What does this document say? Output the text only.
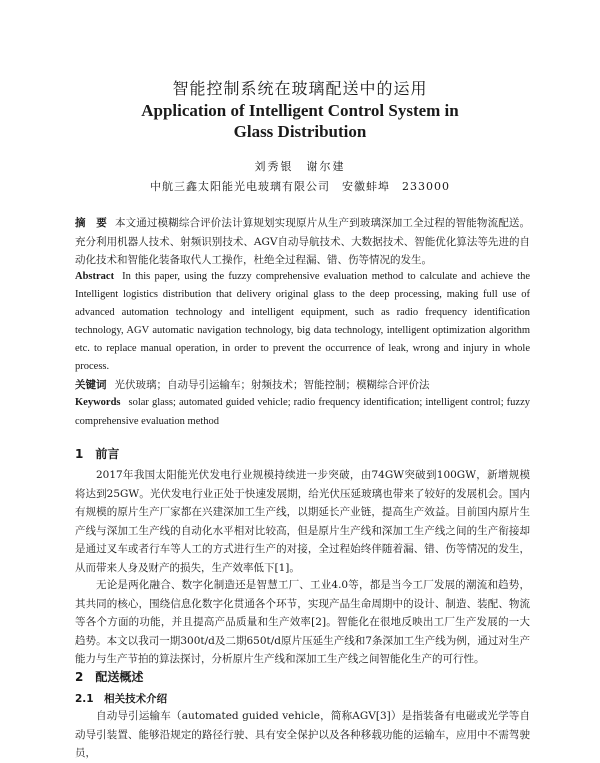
智能控制系统在玻璃配送中的运用
Application of Intelligent Control System in
Glass Distribution
刘秀银　谢尔建
中航三鑫太阳能光电玻璃有限公司　安徽蚌埠　233000
摘　要 本文通过模糊综合评价法计算规划实现原片从生产到玻璃深加工全过程的智能物流配送。充分利用机器人技术、射频识别技术、AGV自动导航技术、大数据技术、智能优化算法等先进的自动化技术和智能化装备取代人工操作，杜绝全过程漏、错、伤等情况的发生。
Abstract In this paper, using the fuzzy comprehensive evaluation method to calculate and achieve the Intelligent logistics distribution that delivery original glass to the deep processing, making full use of advanced automation technology and intelligent equipment, such as radio frequency identification technology, AGV automatic navigation technology, big data technology, intelligent optimization algorithm etc. to replace manual operation, in order to prevent the occurrence of leak, wrong and injury in whole process.
关键词 光伏玻璃；自动导引运输车；射频技术；智能控制；模糊综合评价法
Keywords solar glass; automated guided vehicle; radio frequency identification; intelligent control; fuzzy comprehensive evaluation method
1　前言
2017年我国太阳能光伏发电行业规模持续进一步突破，由74GW突破到100GW，新增规模将达到25GW。光伏发电行业正处于快速发展期，给光伏压延玻璃也带来了较好的发展机会。国内有规模的原片生产厂家都在兴建深加工生产线，以期延长产业链，提高生产效益。目前国内原片生产线与深加工生产线的自动化水平相对比较高，但是原片生产线和深加工生产线之间的生产衔接却是通过叉车或者行车等人工的方式进行生产的对接，全过程始终伴随着漏、错、伤等情况的发生，从而带来人身及财产的损失，生产效率低下[1]。
无论是两化融合、数字化制造还是智慧工厂、工业4.0等，都是当今工厂发展的潮流和趋势，其共同的核心，围绕信息化数字化贯通各个环节，实现产品生命周期中的设计、制造、装配、物流等各个方面的功能，并且提高产品质量和生产效率[2]。智能化在很地反映出工厂生产发展的一大趋势。本文以我司一期300t/d及二期650t/d原片压延生产线和7条深加工生产线为例，通过对生产能力与生产节拍的算法探讨，分析原片生产线和深加工生产线之间智能化生产的可行性。
2　配送概述
2.1　相关技术介绍
自动导引运输车（automated guided vehicle，简称AGV[3]）是指装备有电磁或光学等自动导引装置、能够沿规定的路径行驶、具有安全保护以及各种移载功能的运输车，应用中不需驾驶员，
